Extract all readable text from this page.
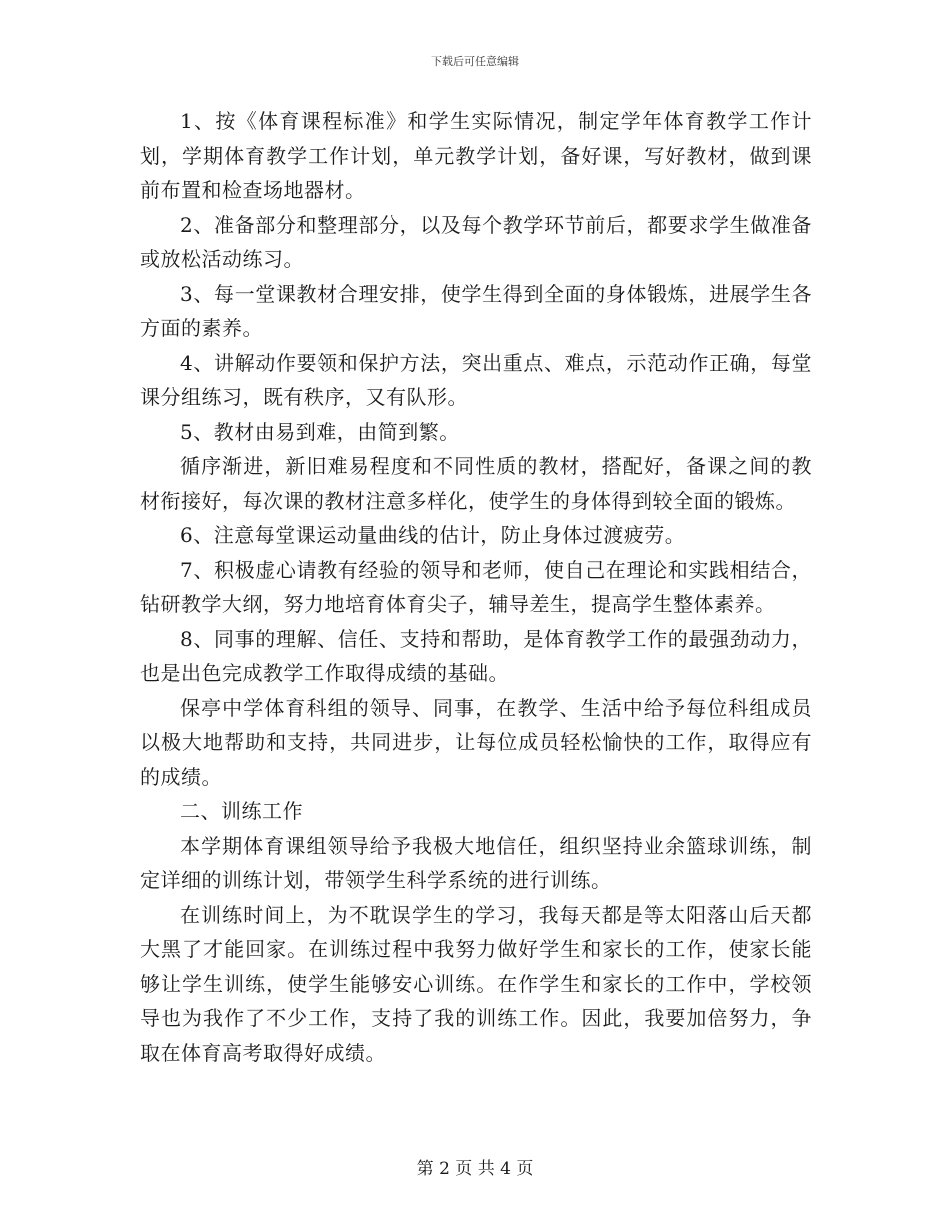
下载后可任意编辑

1、按《体育课程标准》和学生实际情况，制定学年体育教学工作计划，学期体育教学工作计划，单元教学计划，备好课，写好教材，做到课前布置和检查场地器材。

2、准备部分和整理部分，以及每个教学环节前后，都要求学生做准备或放松活动练习。

3、每一堂课教材合理安排，使学生得到全面的身体锻炼，进展学生各方面的素养。

4、讲解动作要领和保护方法，突出重点、难点，示范动作正确，每堂课分组练习，既有秩序，又有队形。

5、教材由易到难，由简到繁。

循序渐进，新旧难易程度和不同性质的教材，搭配好，备课之间的教材衔接好，每次课的教材注意多样化，使学生的身体得到较全面的锻炼。

6、注意每堂课运动量曲线的估计，防止身体过渡疲劳。

7、积极虚心请教有经验的领导和老师，使自己在理论和实践相结合，钻研教学大纲，努力地培育体育尖子，辅导差生，提高学生整体素养。

8、同事的理解、信任、支持和帮助，是体育教学工作的最强劲动力，也是出色完成教学工作取得成绩的基础。

保亭中学体育科组的领导、同事，在教学、生活中给予每位科组成员以极大地帮助和支持，共同进步，让每位成员轻松愉快的工作，取得应有的成绩。

二、训练工作

本学期体育课组领导给予我极大地信任，组织坚持业余篮球训练，制定详细的训练计划，带领学生科学系统的进行训练。

在训练时间上，为不耽误学生的学习，我每天都是等太阳落山后天都大黑了才能回家。在训练过程中我努力做好学生和家长的工作，使家长能够让学生训练，使学生能够安心训练。在作学生和家长的工作中，学校领导也为我作了不少工作，支持了我的训练工作。因此，我要加倍努力，争取在体育高考取得好成绩。

第 2 页 共 4 页
